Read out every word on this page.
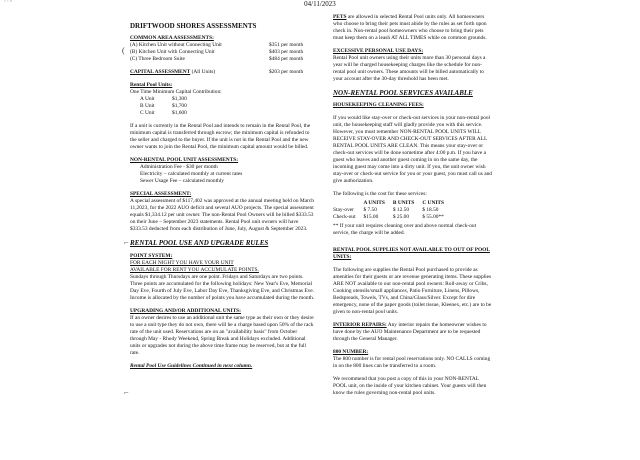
ᵛᶜⁿ	04/11/2023
DRIFTWOOD SHORES ASSESSMENTS
COMMON AREA ASSESSMENTS:
(A) Kitchen Unit without Connecting Unit	$351 per month
(B) Kitchen Unit with Connecting Unit	$403 per month
(C) Three Bedroom Suite	$484 per month
CAPITAL ASSESSMENT (All Units)	$203 per month
Rental Pool Units:

One Time Minimum Capital Contribution:

A Unit	$1,300
B Unit	$1,700
C Unit	$1,600

If a unit is currently in the Rental Pool and intends to remain in the Rental Pool, the minimum capital is transferred through escrow; the minimum capital is refunded to the seller and charged to the buyer. If the unit is not in the Rental Pool and the new owner wants to join the Rental Pool, the minimum capital amount would be billed.

NON-RENTAL POOL UNIT ASSESSMENTS:

Administration Fee - $30 per month

Electricity – calculated monthly at current rates

Sewer Usage Fee – calculated monthly

SPECIAL ASSESSMENT:

A special assessment of $117,402 was approved at the annual meeting held on March 11,2023, for the 2022 AUO deficit and several AUO projects. The special assessment equals $1,334.12 per unit owner. The non-Rental Pool Owners will be billed $333.53 on their June – September 2023 statements. Rental Pool unit owners will have $333.53 deducted from each distribution of June, July, August & September 2023.

RENTAL POOL USE AND UPGRADE RULES
POINT SYSTEM:

FOR EACH NIGHT YOU HAVE YOUR UNIT

AVAILABLE FOR RENT YOU ACCUMULATE POINTS.

Sundays through Thursdays are one point. Fridays and Saturdays are two points. Three points are accumulated for the following holidays: New Year's Eve, Memorial Day Eve, Fourth of July Eve, Labor Day Eve, Thanksgiving Eve, and Christmas Eve. Income is allocated by the number of points you have accumulated during the month.

UPGRADING AND/OR ADDITIONAL UNITS:

If an owner desires to use an additional unit the same type as their own or they desire to use a unit type they do not own, there will be a charge based upon 50% of the rack rate of the unit used. Reservations are on an "availability basis" from October through May - Rhody Weekend, Spring Break and Holidays excluded. Additional units or upgrades not during the above time frame may be reserved, but at the full rate.

Rental Pool Use Guidelines Continued in next column.

PETS are allowed in selected Rental Pool units only. All homeowners who choose to bring their pets must abide by the rules as set forth upon check in. Non-rental pool homeowners who choose to bring their pets must keep them on a leash AT ALL TIMES while on common grounds.

EXCESSIVE PERSONAL USE DAYS:

Rental Pool unit owners using their units more than 30 personal days a year will be charged housekeeping charges like the schedule for non-rental pool unit owners. These amounts will be billed automatically to your account after the 30-day threshold has been met.

NON-RENTAL POOL SERVICES AVAILABLE
HOUSEKEEPING CLEANING FEES:

If you would like stay-over or check-out services in your non-rental pool unit, the housekeeping staff will gladly provide you with this service. However, you must remember NON-RENTAL POOL UNITS WILL RECEIVE STAY-OVER AND CHECK-OUT SERVICES AFTER ALL RENTAL POOL UNITS ARE CLEAN. This means your stay-over or check-out services will be done sometime after 4:00 p.m. If you have a guest who leaves and another guest coming in on the same day, the incoming guest may come into a dirty unit. If you, the unit owner wish stay-over or check-out service for you or your guest, you must call us and give authorization.

The following is the cost for these services:

	A UNITS	B UNITS	C UNITS
Stay-over	$ 7.50	$ 12.50	$ 18.50
Check-out	$15.00	$ 25.00	$ 55.00**

** If your unit requires cleaning over and above normal check-out service, the charge will be added.

RENTAL POOL SUPPLIES NOT AVAILABLE TO OUT OF POOL UNITS:

The following are supplies the Rental Pool purchased to provide as amenities for their guests or are revenue generating items. These supplies ARE NOT available to our non-rental pool owners: Roll-away or Cribs, Cooking utensils/small appliances, Patio Furniture, Linens, Pillows, Bedspreads, Towels, TVs, and China/Glass/Silver. Except for dire emergency, none of the paper goods (toilet tissue, Kleenex, etc.) are to be given to non-rental pool units.

INTERIOR REPAIRS: Any interior repairs the homeowner wishes to have done by the AUO Maintenance Department are to be requested through the General Manager.

800 NUMBER:

The 800 number is for rental pool reservations only. NO CALLS coming in on the 800 lines can be transferred to a room.

We recommend that you post a copy of this in your NON-RENTAL POOL unit, on the inside of your kitchen cabinet. Your guests will then know the rules governing non-rental pool units.

(
⌐
⌐
